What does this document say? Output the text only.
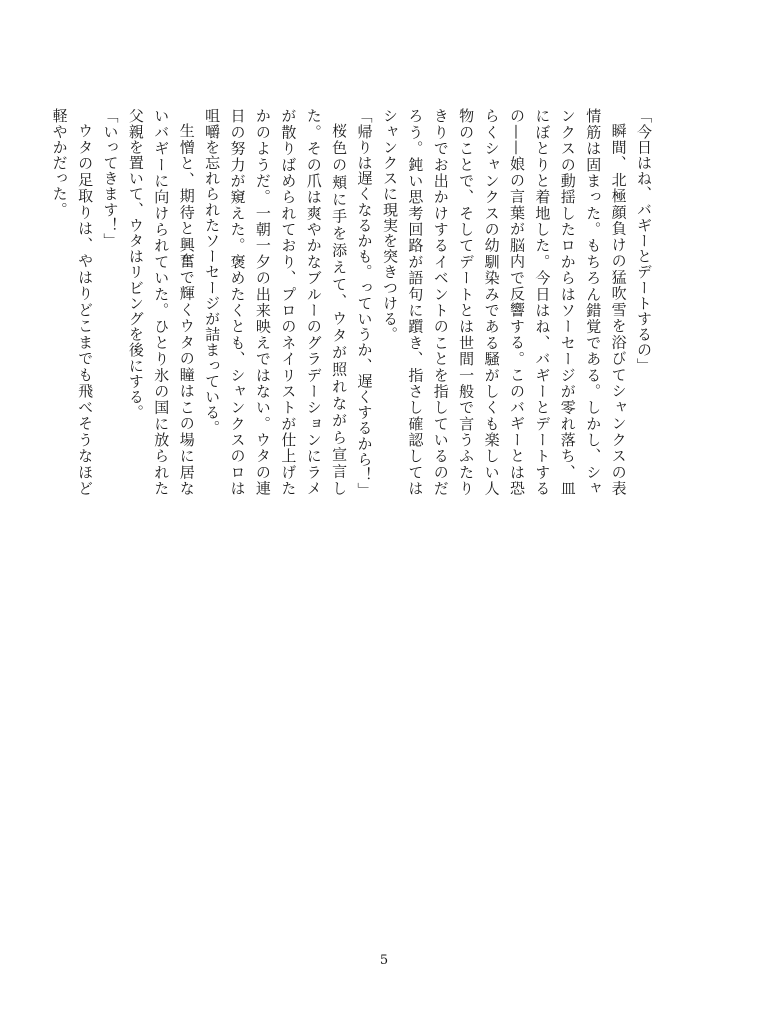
「今日はね、バギーとデートするの」

瞬間、北極顔負けの猛吹雪を浴びてシャンクスの表情筋は固まった。もちろん錯覚である。しかし、シャンクスの動揺したロからはソーセージが零れ落ち、皿にぼとりと着地した。今日はね、バギーとデートするの——娘の言葉が脳内で反響する。このバギーとは恐らくシャンクスの幼馴染みである騒がしくも楽しい人物のことで、そしてデートとは世間一般で言うふたりきりでお出かけするイベントのことを指しているのだろう。鈍い思考回路が語句に躓き、指さし確認してはシャンクスに現実を突きつける。

「帰りは遅くなるかも。っていうか、遅くするから！」

桜色の頬に手を添えて、ウタが照れながら宣言した。その爪は爽やかなブルーのグラデーションにラメが散りばめられており、プロのネイリストが仕上げたかのようだ。一朝一夕の出来映えではない。ウタの連日の努力が窺えた。褒めたくとも、シャンクスのロは咀嚼を忘れられたソーセージが詰まっている。

生憎と、期待と興奮で輝くウタの瞳はこの場に居ないバギーに向けられていた。ひとり氷の国に放られた父親を置いて、ウタはリビングを後にする。

「いってきます！」

ウタの足取りは、やはりどこまでも飛べそうなほど軽やかだった。

5
